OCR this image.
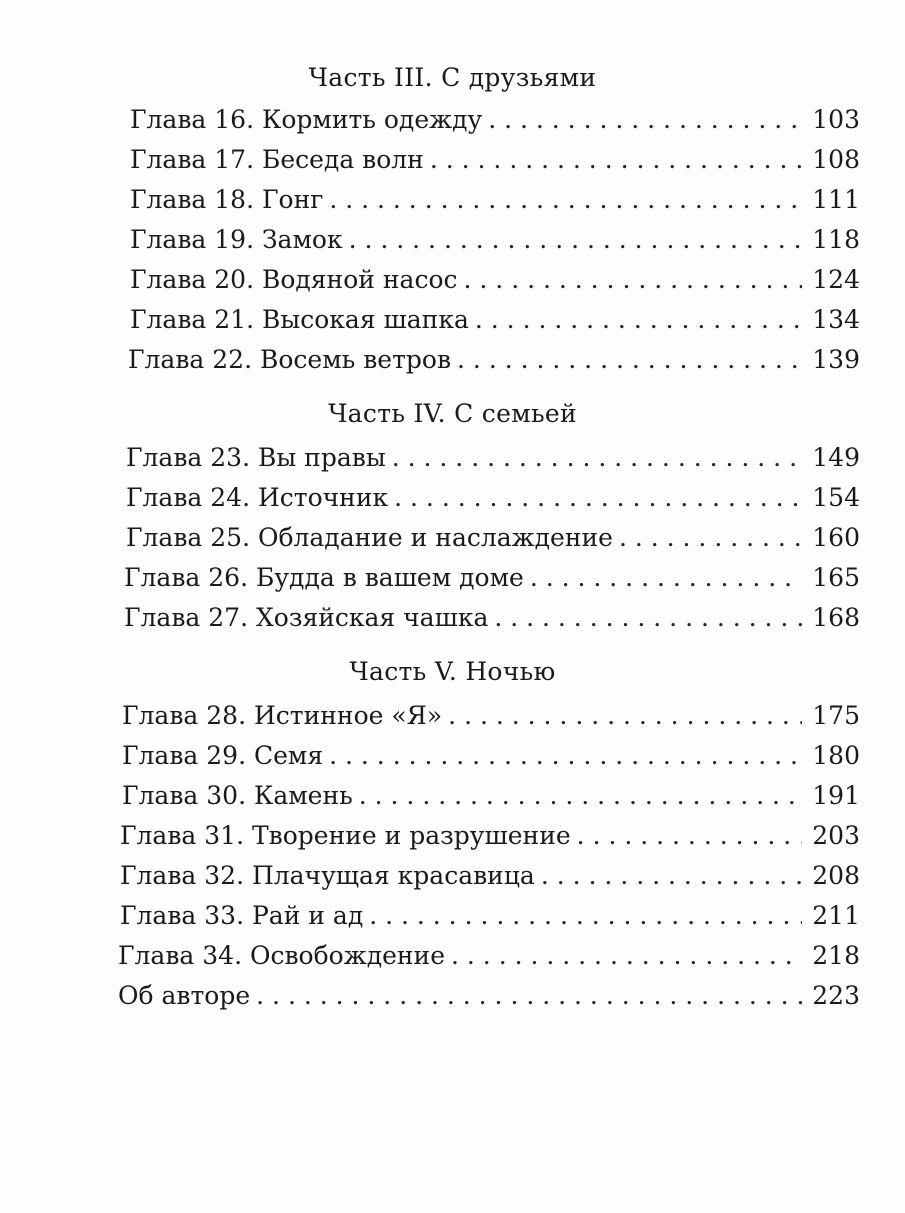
Часть III. С друзьями
Глава 16. Кормить одежду . . .	103
Глава 17. Беседа волн . . .	108
Глава 18. Гонг . . .	111
Глава 19. Замок . . .	118
Глава 20. Водяной насос . . .	124
Глава 21. Высокая шапка . . .	134
Глава 22. Восемь ветров . . .	139
Часть IV. С семьей
Глава 23. Вы правы . . .	149
Глава 24. Источник . . .	154
Глава 25. Обладание и наслаждение . . .	160
Глава 26. Будда в вашем доме . . .	165
Глава 27. Хозяйская чашка . . .	168
Часть V. Ночью
Глава 28. Истинное «Я» . . .	175
Глава 29. Семя . . .	180
Глава 30. Камень . . .	191
Глава 31. Творение и разрушение . . .	203
Глава 32. Плачущая красавица . . .	208
Глава 33. Рай и ад . . .	211
Глава 34. Освобождение . . .	218
Об авторе . . .	223
